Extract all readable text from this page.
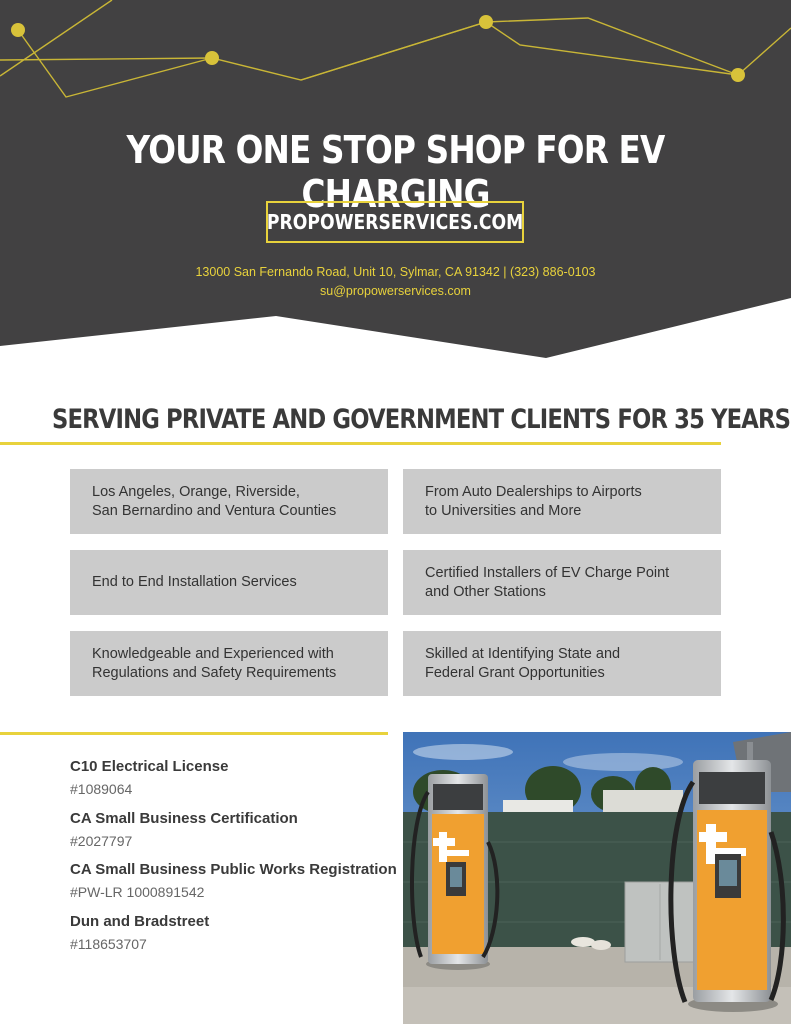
YOUR ONE STOP SHOP FOR EV CHARGING
PROPOWERSERVICES.COM
13000 San Fernando Road, Unit 10, Sylmar, CA 91342 | (323) 886-0103
su@propowerservices.com
SERVING PRIVATE AND GOVERNMENT CLIENTS FOR 35 YEARS
Los Angeles, Orange, Riverside,
San Bernardino and Ventura Counties
From Auto Dealerships to Airports
to Universities and More
End to End Installation Services
Certified Installers of EV Charge Point
and Other Stations
Knowledgeable and Experienced with
Regulations and Safety Requirements
Skilled at Identifying State and
Federal Grant Opportunities
C10 Electrical License
#1089064
CA Small Business Certification
#2027797
CA Small Business Public Works Registration
#PW-LR 1000891542
Dun and Bradstreet
#118653707
